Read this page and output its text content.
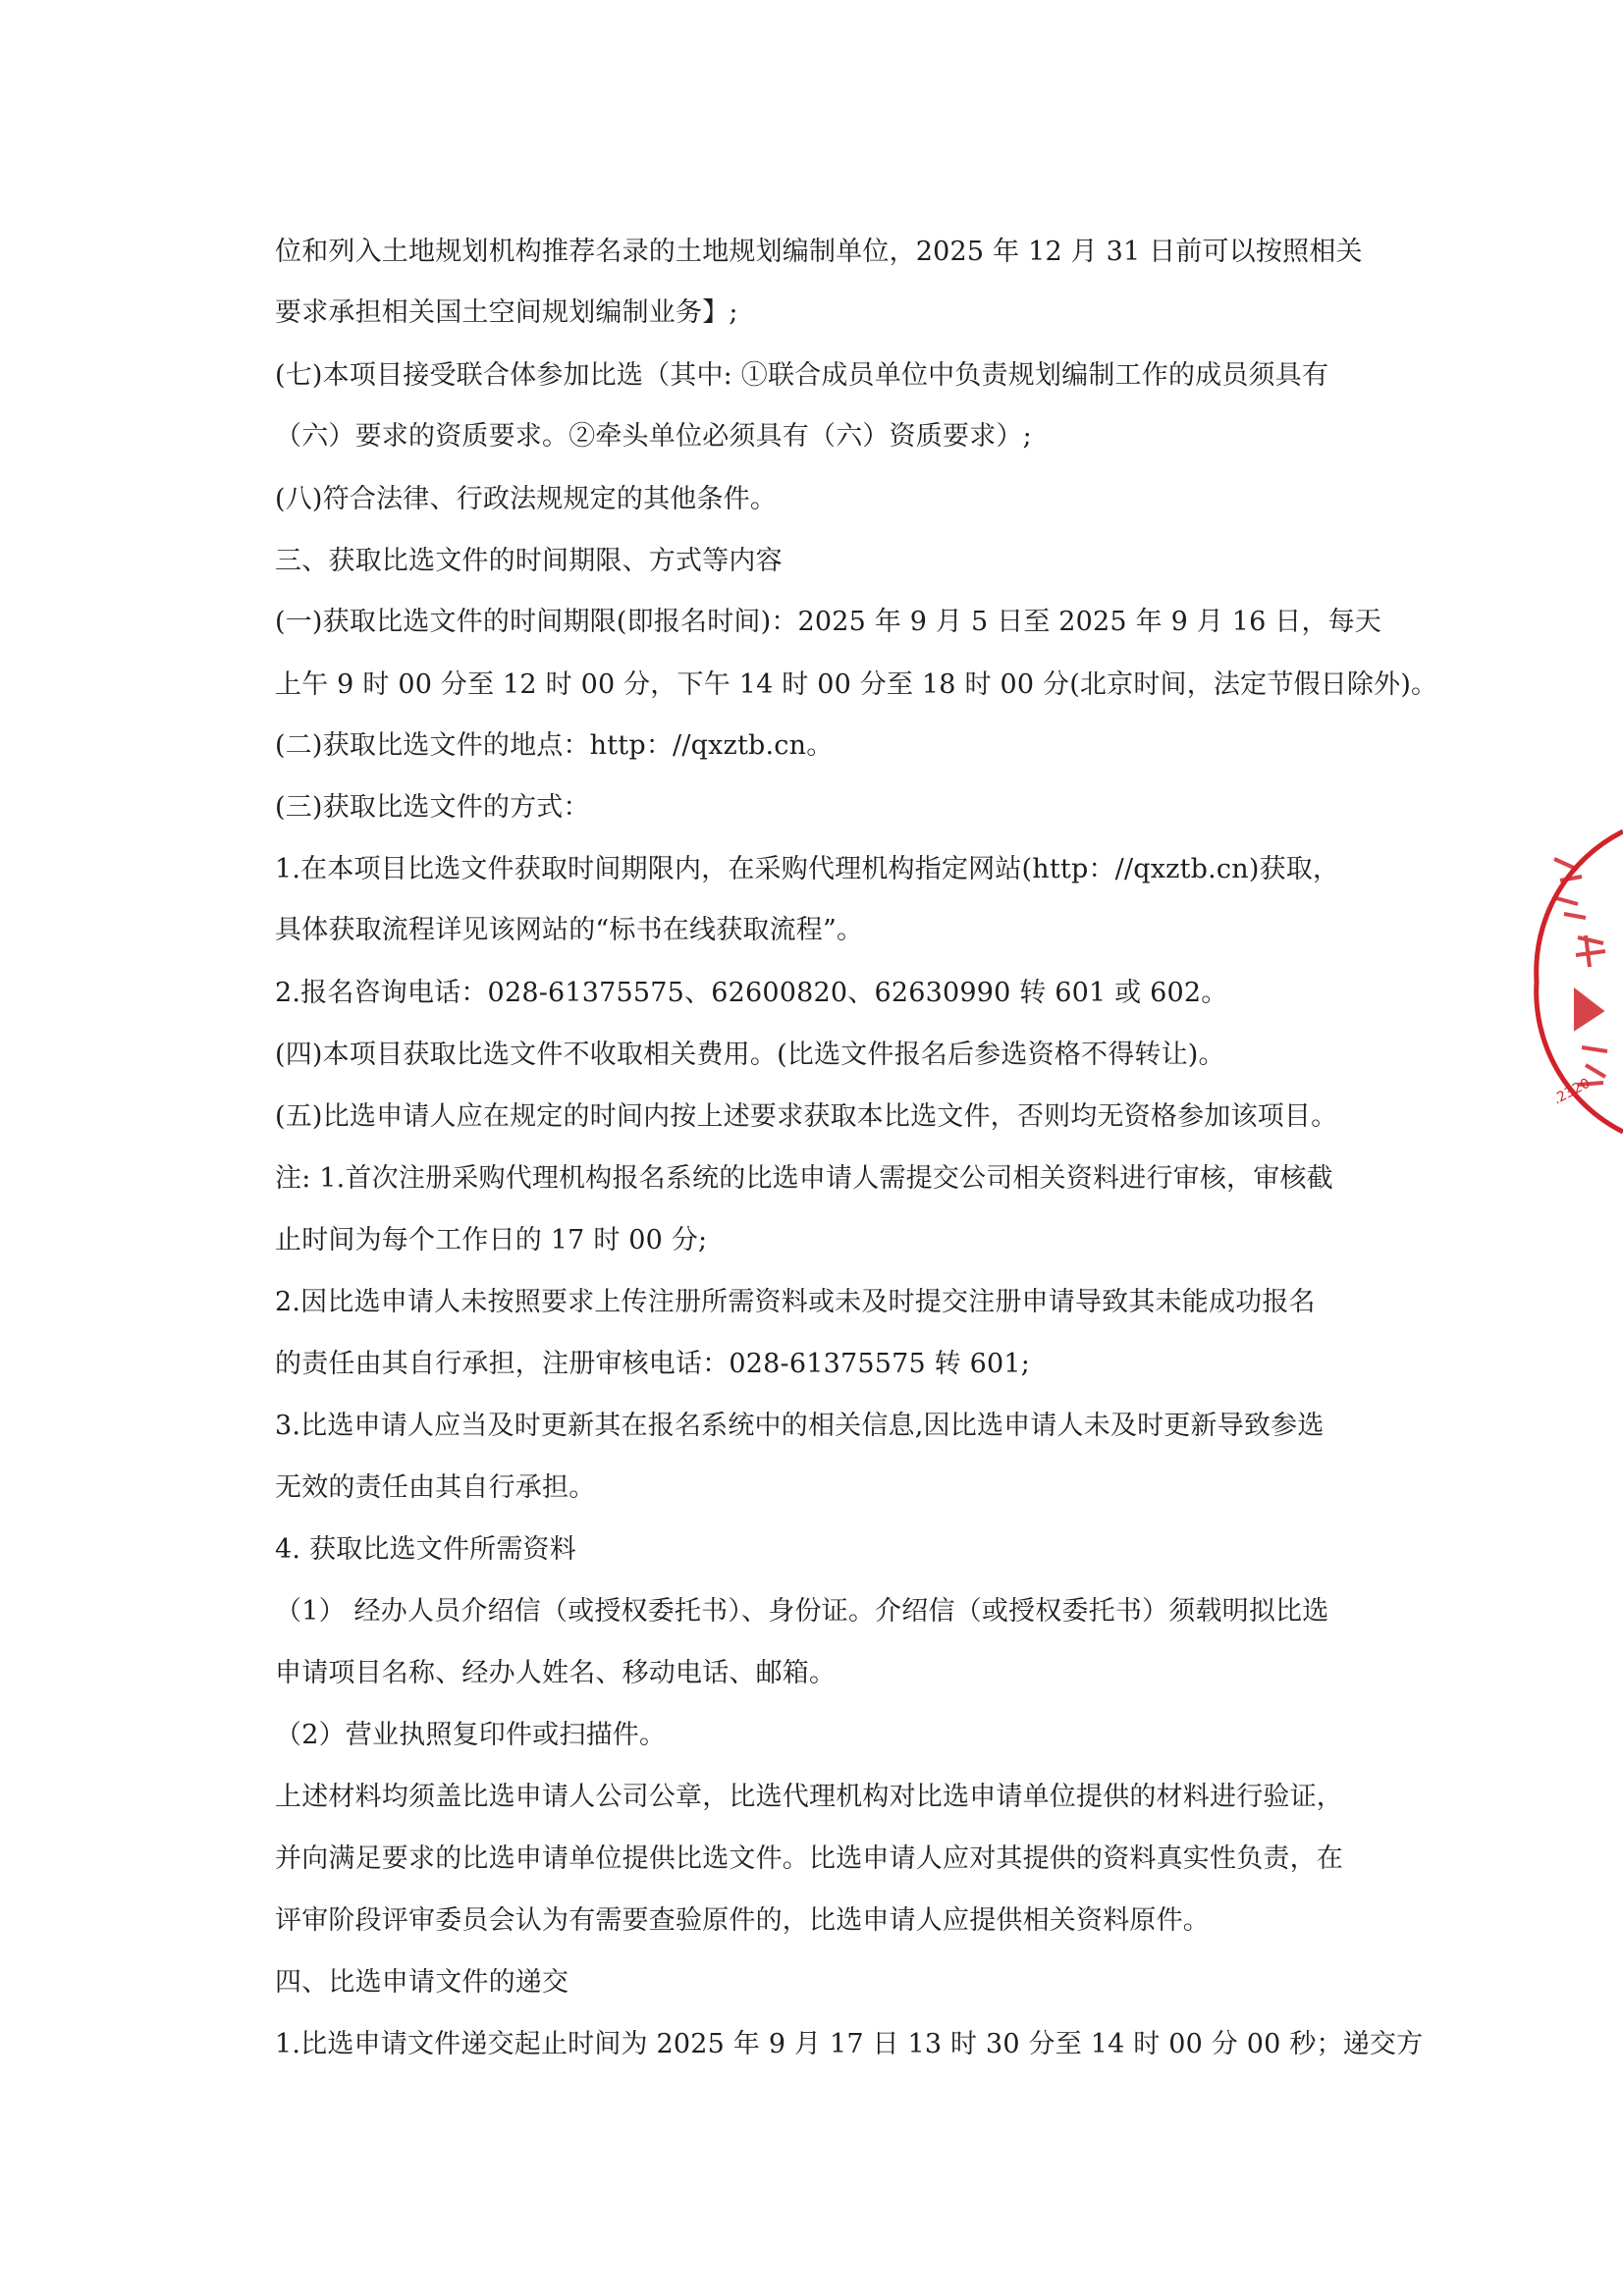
位和列入土地规划机构推荐名录的土地规划编制单位，2025 年 12 月 31 日前可以按照相关
要求承担相关国土空间规划编制业务】;
(七)本项目接受联合体参加比选（其中: ①联合成员单位中负责规划编制工作的成员须具有
（六）要求的资质要求。②牵头单位必须具有（六）资质要求）;
(八)符合法律、行政法规规定的其他条件。
三、获取比选文件的时间期限、方式等内容
(一)获取比选文件的时间期限(即报名时间)：2025 年 9 月 5 日至 2025 年 9 月 16 日，每天
上午 9 时 00 分至 12 时 00 分，下午 14 时 00 分至 18 时 00 分(北京时间，法定节假日除外)。
(二)获取比选文件的地点：http：//qxztb.cn。
(三)获取比选文件的方式：
1.在本项目比选文件获取时间期限内，在采购代理机构指定网站(http：//qxztb.cn)获取，
具体获取流程详见该网站的“标书在线获取流程”。
2.报名咨询电话：028-61375575、62600820、62630990 转 601 或 602。
(四)本项目获取比选文件不收取相关费用。(比选文件报名后参选资格不得转让)。
(五)比选申请人应在规定的时间内按上述要求获取本比选文件，否则均无资格参加该项目。
注: 1.首次注册采购代理机构报名系统的比选申请人需提交公司相关资料进行审核，审核截
止时间为每个工作日的 17 时 00 分;
2.因比选申请人未按照要求上传注册所需资料或未及时提交注册申请导致其未能成功报名
的责任由其自行承担，注册审核电话：028-61375575 转 601;
3.比选申请人应当及时更新其在报名系统中的相关信息,因比选申请人未及时更新导致参选
无效的责任由其自行承担。
4. 获取比选文件所需资料
（1） 经办人员介绍信（或授权委托书）、身份证。介绍信（或授权委托书）须载明拟比选
申请项目名称、经办人姓名、移动电话、邮箱。
（2）营业执照复印件或扫描件。
上述材料均须盖比选申请人公司公章，比选代理机构对比选申请单位提供的材料进行验证，
并向满足要求的比选申请单位提供比选文件。比选申请人应对其提供的资料真实性负责，在
评审阶段评审委员会认为有需要查验原件的，比选申请人应提供相关资料原件。
四、比选申请文件的递交
1.比选申请文件递交起止时间为 2025 年 9 月 17 日 13 时 30 分至 14 时 00 分 00 秒；递交方
.2320
